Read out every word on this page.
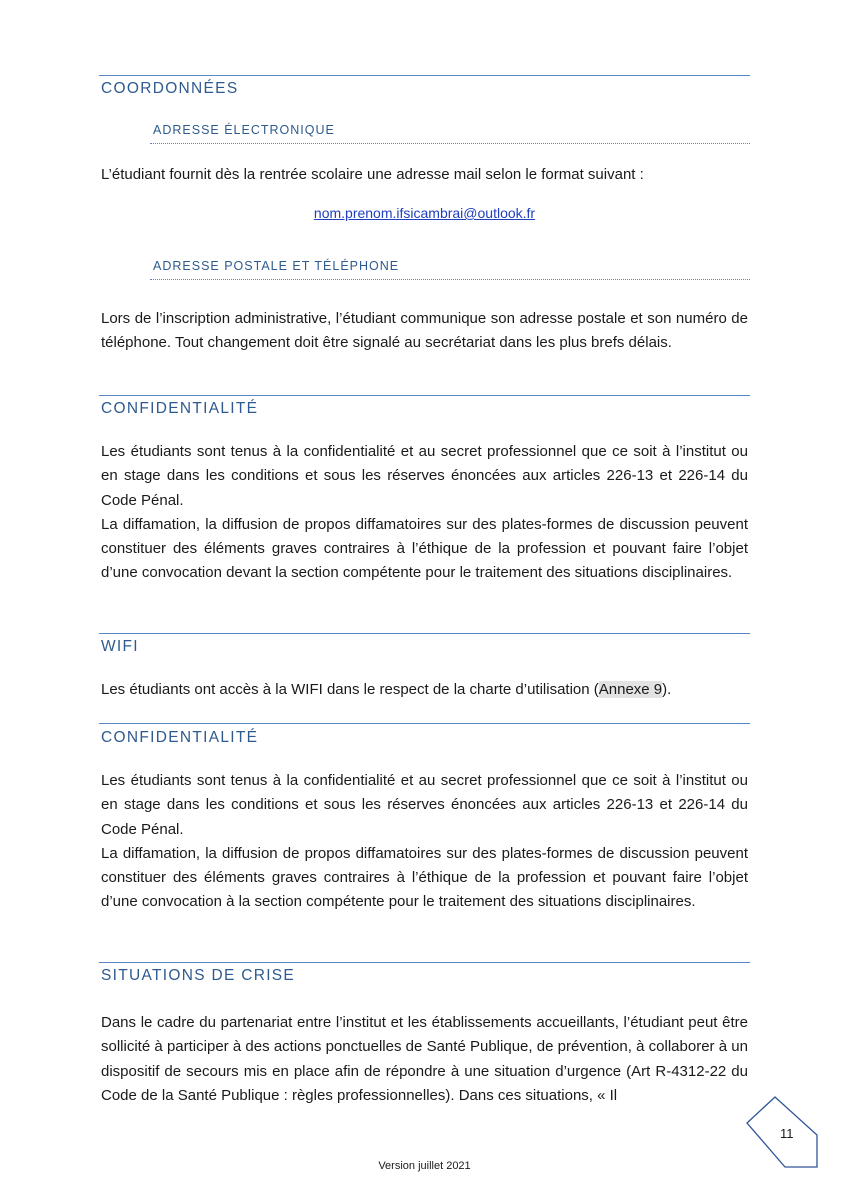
COORDONNÉES
ADRESSE ÉLECTRONIQUE
L’étudiant fournit dès la rentrée scolaire une adresse mail selon le format suivant :
nom.prenom.ifsicambrai@outlook.fr
ADRESSE POSTALE ET TÉLÉPHONE

Lors de l’inscription administrative, l’étudiant communique son adresse postale et son numéro de téléphone. Tout changement doit être signalé au secrétariat dans les plus brefs délais.

CONFIDENTIALITÉ

Les étudiants sont tenus à la confidentialité et au secret professionnel que ce soit à l’institut ou en stage dans les conditions et sous les réserves énoncées aux articles 226-13 et 226-14 du Code Pénal.

La diffamation, la diffusion de propos diffamatoires sur des plates-formes de discussion peuvent constituer des éléments graves contraires à l’éthique de la profession et pouvant faire l’objet d’une convocation devant la section compétente pour le traitement des situations disciplinaires.

WIFI
Les étudiants ont accès à la WIFI dans le respect de la charte d’utilisation (Annexe 9).
CONFIDENTIALITÉ

Les étudiants sont tenus à la confidentialité et au secret professionnel que ce soit à l’institut ou en stage dans les conditions et sous les réserves énoncées aux articles 226-13 et 226-14 du Code Pénal.

La diffamation, la diffusion de propos diffamatoires sur des plates-formes de discussion peuvent constituer des éléments graves contraires à l’éthique de la profession et pouvant faire l’objet d’une convocation à la section compétente pour le traitement des situations disciplinaires.

SITUATIONS DE CRISE

Dans le cadre du partenariat entre l’institut et les établissements accueillants, l’étudiant peut être sollicité à participer à des actions ponctuelles de Santé Publique, de prévention, à collaborer à un dispositif de secours mis en place afin de répondre à une situation d’urgence (Art R-4312-22 du Code de la Santé Publique : règles professionnelles). Dans ces situations, « Il

11
Version juillet 2021
